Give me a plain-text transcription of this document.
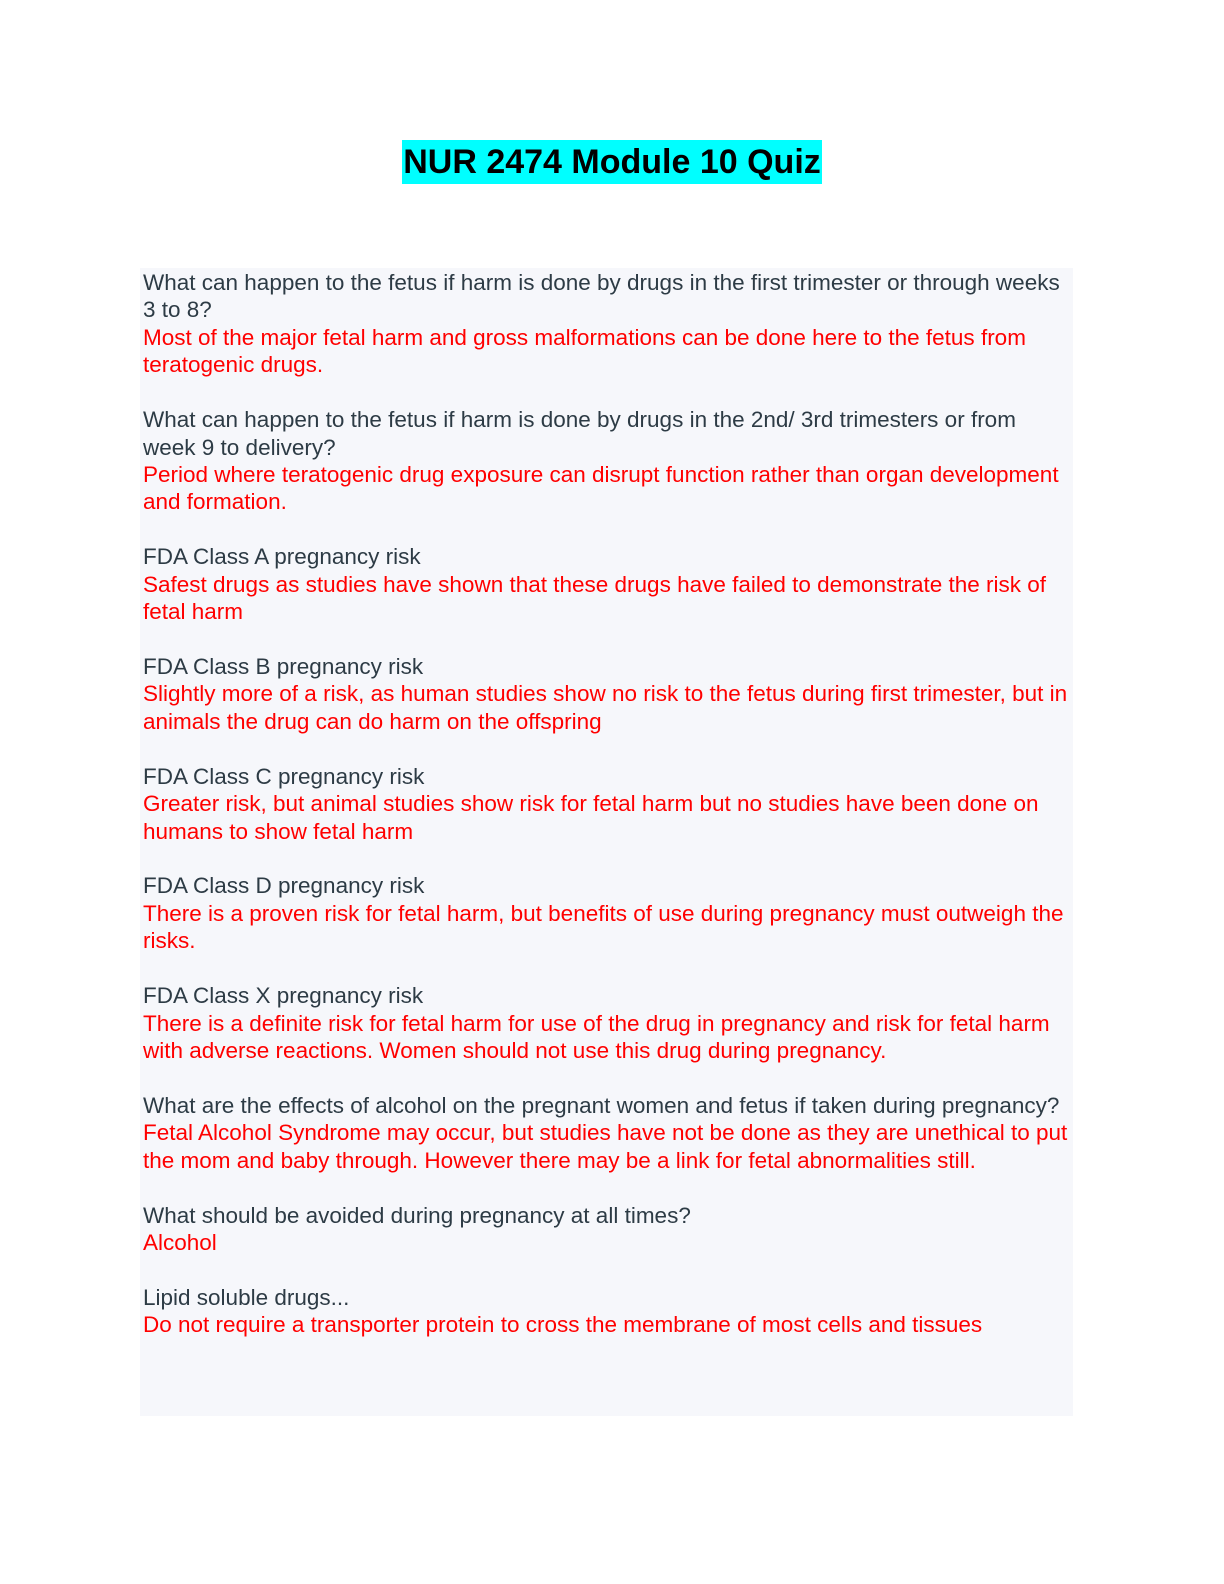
NUR 2474 Module 10 Quiz

What can happen to the fetus if harm is done by drugs in the first trimester or through weeks 3 to 8?

Most of the major fetal harm and gross malformations can be done here to the fetus from teratogenic drugs.

What can happen to the fetus if harm is done by drugs in the 2nd/ 3rd trimesters or from week 9 to delivery?

Period where teratogenic drug exposure can disrupt function rather than organ development and formation.

FDA Class A pregnancy risk

Safest drugs as studies have shown that these drugs have failed to demonstrate the risk of fetal harm

FDA Class B pregnancy risk

Slightly more of a risk, as human studies show no risk to the fetus during first trimester, but in animals the drug can do harm on the offspring

FDA Class C pregnancy risk

Greater risk, but animal studies show risk for fetal harm but no studies have been done on humans to show fetal harm

FDA Class D pregnancy risk

There is a proven risk for fetal harm, but benefits of use during pregnancy must outweigh the risks.

FDA Class X pregnancy risk

There is a definite risk for fetal harm for use of the drug in pregnancy and risk for fetal harm with adverse reactions. Women should not use this drug during pregnancy.

What are the effects of alcohol on the pregnant women and fetus if taken during pregnancy?

Fetal Alcohol Syndrome may occur, but studies have not be done as they are unethical to put the mom and baby through. However there may be a link for fetal abnormalities still.

What should be avoided during pregnancy at all times?

Alcohol

Lipid soluble drugs...

Do not require a transporter protein to cross the membrane of most cells and tissues
